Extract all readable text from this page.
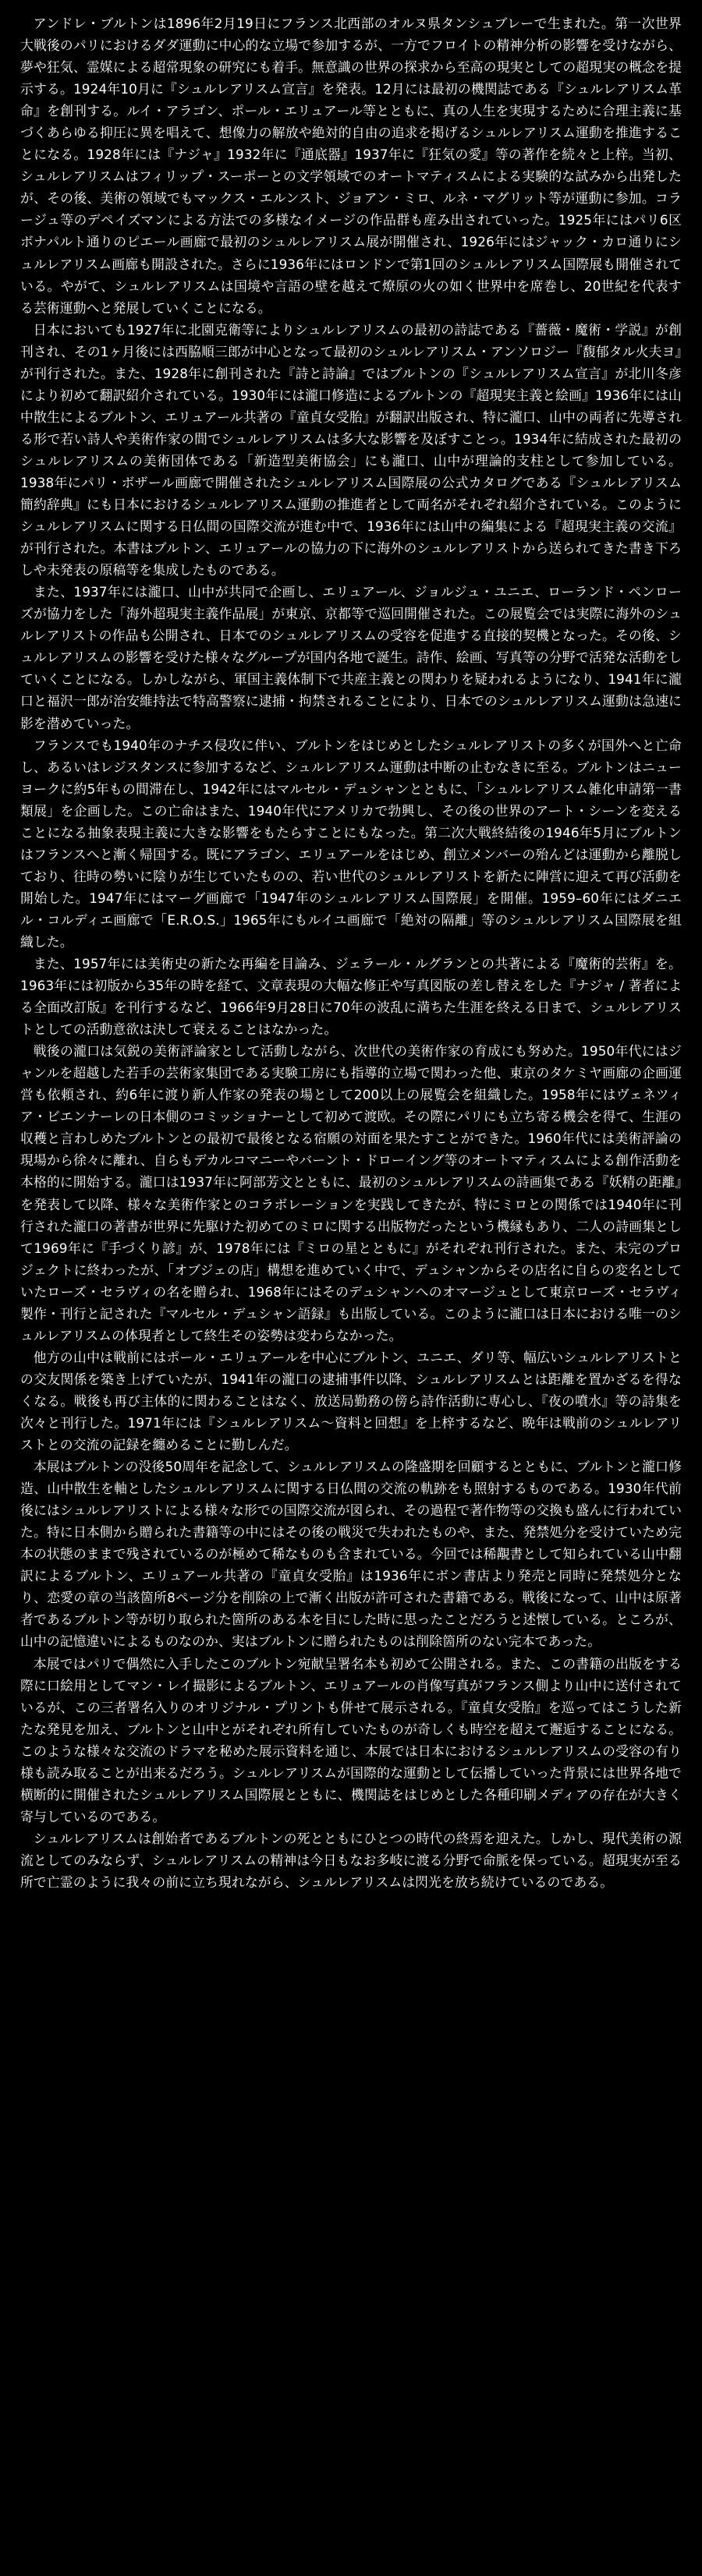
アンドレ・ブルトンは1896年2月19日にフランス北西部のオルヌ県タンシュブレーで生まれた。第一次世界大戦後のパリにおけるダダ運動に中心的な立場で参加するが、一方でフロイトの精神分析の影響を受けながら、夢や狂気、霊媒による超常現象の研究にも着手。無意識の世界の探求から至高の現実としての超現実の概念を提示する。1924年10月に『シュルレアリスム宣言』を発表。12月には最初の機関誌である『シュルレアリスム革命』を創刊する。ルイ・アラゴン、ポール・エリュアール等とともに、真の人生を実現するために合理主義に基づくあらゆる抑圧に異を唱えて、想像力の解放や絶対的自由の追求を掲げるシュルレアリスム運動を推進することになる。1928年には『ナジャ』1932年に『通底器』1937年に『狂気の愛』等の著作を続々と上梓。当初、シュルレアリスムはフィリップ・スーポーとの文学領域でのオートマティスムによる実験的な試みから出発したが、その後、美術の領域でもマックス・エルンスト、ジョアン・ミロ、ルネ・マグリット等が運動に参加。コラージュ等のデペイズマンによる方法での多様なイメージの作品群も産み出されていった。1925年にはパリ6区ボナパルト通りのピエール画廊で最初のシュルレアリスム展が開催され、1926年にはジャック・カロ通りにシュルレアリスム画廊も開設された。さらに1936年にはロンドンで第1回のシュルレアリスム国際展も開催されている。やがて、シュルレアリスムは国境や言語の壁を越えて燎原の火の如く世界中を席巻し、20世紀を代表する芸術運動へと発展していくことになる。

日本においても1927年に北園克衛等によりシュルレアリスムの最初の詩誌である『薔薇・魔術・学説』が創刊され、その1ヶ月後には西脇順三郎が中心となって最初のシュルレアリスム・アンソロジー『馥郁タル火夫ヨ』が刊行された。また、1928年に創刊された『詩と詩論』ではブルトンの『シュルレアリスム宣言』が北川冬彦により初めて翻訳紹介されている。1930年には瀧口修造によるブルトンの『超現実主義と絵画』1936年には山中散生によるブルトン、エリュアール共著の『童貞女受胎』が翻訳出版され、特に瀧口、山中の両者に先導される形で若い詩人や美術作家の間でシュルレアリスムは多大な影響を及ぼすことっ。1934年に結成された最初のシュルレアリスムの美術団体である「新造型美術協会」にも瀧口、山中が理論的支柱として参加している。1938年にパリ・ボザール画廊で開催されたシュルレアリスム国際展の公式カタログである『シュルレアリスム簡約辞典』にも日本におけるシュルレアリスム運動の推進者として両名がそれぞれ紹介されている。このようにシュルレアリスムに関する日仏間の国際交流が進む中で、1936年には山中の編集による『超現実主義の交流』が刊行された。本書はブルトン、エリュアールの協力の下に海外のシュルレアリストから送られてきた書き下ろしや未発表の原稿等を集成したものである。

また、1937年には瀧口、山中が共同で企画し、エリュアール、ジョルジュ・ユニエ、ローランド・ペンローズが協力をした「海外超現実主義作品展」が東京、京都等で巡回開催された。この展覧会では実際に海外のシュルレアリストの作品も公開され、日本でのシュルレアリスムの受容を促進する直接的契機となった。その後、シュルレアリスムの影響を受けた様々なグループが国内各地で誕生。詩作、絵画、写真等の分野で活発な活動をしていくことになる。しかしながら、軍国主義体制下で共産主義との関わりを疑われるようになり、1941年に瀧口と福沢一郎が治安維持法で特高警察に逮捕・拘禁されることにより、日本でのシュルレアリスム運動は急速に影を潜めていった。

フランスでも1940年のナチス侵攻に伴い、ブルトンをはじめとしたシュルレアリストの多くが国外へと亡命し、あるいはレジスタンスに参加するなど、シュルレアリスム運動は中断の止むなきに至る。ブルトンはニューヨークに約5年もの間滞在し、1942年にはマルセル・デュシャンとともに、「シュルレアリスム雑化申請第一書類展」を企画した。この亡命はまた、1940年代にアメリカで勃興し、その後の世界のアート・シーンを変えることになる抽象表現主義に大きな影響をもたらすことにもなった。第二次大戦終結後の1946年5月にブルトンはフランスへと漸く帰国する。既にアラゴン、エリュアールをはじめ、創立メンバーの殆んどは運動から離脱しており、往時の勢いに陰りが生じていたものの、若い世代のシュルレアリストを新たに陣営に迎えて再び活動を開始した。1947年にはマーグ画廊で「1947年のシュルレアリスム国際展」を開催。1959–60年にはダニエル・コルディエ画廊で「E.R.O.S.」1965年にもルイユ画廊で「絶対の隔離」等のシュルレアリスム国際展を組織した。

また、1957年には美術史の新たな再編を目論み、ジェラール・ルグランとの共著による『魔術的芸術』を。1963年には初版から35年の時を経て、文章表現の大幅な修正や写真図版の差し替えをした『ナジャ / 著者による全面改訂版』を刊行するなど、1966年9月28日に70年の波乱に満ちた生涯を終える日まで、シュルレアリストとしての活動意欲は決して衰えることはなかった。

戦後の瀧口は気鋭の美術評論家として活動しながら、次世代の美術作家の育成にも努めた。1950年代にはジャンルを超越した若手の芸術家集団である実験工房にも指導的立場で関わった他、東京のタケミヤ画廊の企画運営も依頼され、約6年に渡り新人作家の発表の場として200以上の展覧会を組織した。1958年にはヴェネツィア・ビエンナーレの日本側のコミッショナーとして初めて渡欧。その際にパリにも立ち寄る機会を得て、生涯の収穫と言わしめたブルトンとの最初で最後となる宿願の対面を果たすことができた。1960年代には美術評論の現場から徐々に離れ、自らもデカルコマニーやバーント・ドローイング等のオートマティスムによる創作活動を本格的に開始する。瀧口は1937年に阿部芳文とともに、最初のシュルレアリスムの詩画集である『妖精の距離』を発表して以降、様々な美術作家とのコラボレーションを実践してきたが、特にミロとの関係では1940年に刊行された瀧口の著書が世界に先駆けた初めてのミロに関する出版物だったという機縁もあり、二人の詩画集として1969年に『手づくり諺』が、1978年には『ミロの星とともに』がそれぞれ刊行された。また、未完のプロジェクトに終わったが、「オブジェの店」構想を進めていく中で、デュシャンからその店名に自らの変名としていたローズ・セラヴィの名を贈られ、1968年にはそのデュシャンへのオマージュとして東京ローズ・セラヴィ製作・刊行と記された『マルセル・デュシャン語録』も出版している。このように瀧口は日本における唯一のシュルレアリスムの体現者として終生その姿勢は変わらなかった。

他方の山中は戦前にはポール・エリュアールを中心にブルトン、ユニエ、ダリ等、幅広いシュルレアリストとの交友関係を築き上げていたが、1941年の瀧口の逮捕事件以降、シュルレアリスムとは距離を置かざるを得なくなる。戦後も再び主体的に関わることはなく、放送局勤務の傍ら詩作活動に専心し、『夜の噴水』等の詩集を次々と刊行した。1971年には『シュルレアリスム〜資料と回想』を上梓するなど、晩年は戦前のシュルレアリストとの交流の記録を纏めることに勤しんだ。

本展はブルトンの没後50周年を記念して、シュルレアリスムの隆盛期を回顧するとともに、ブルトンと瀧口修造、山中散生を軸としたシュルレアリスムに関する日仏間の交流の軌跡をも照射するものである。1930年代前後にはシュルレアリストによる様々な形での国際交流が図られ、その過程で著作物等の交換も盛んに行われていた。特に日本側から贈られた書籍等の中にはその後の戦災で失われたものや、また、発禁処分を受けていため完本の状態のままで残されているのが極めて稀なものも含まれている。今回では稀覯書として知られている山中翻訳によるブルトン、エリュアール共著の『童貞女受胎』は1936年にボン書店より発売と同時に発禁処分となり、恋愛の章の当該箇所8ページ分を削除の上で漸く出版が許可された書籍である。戦後になって、山中は原著者であるブルトン等が切り取られた箇所のある本を目にした時に思ったことだろうと述懐している。ところが、山中の記憶違いによるものなのか、実はブルトンに贈られたものは削除箇所のない完本であった。

本展ではパリで偶然に入手したこのブルトン宛献呈署名本も初めて公開される。また、この書籍の出版をする際に口絵用としてマン・レイ撮影によるブルトン、エリュアールの肖像写真がフランス側より山中に送付されているが、この三者署名入りのオリジナル・プリントも併せて展示される。『童貞女受胎』を巡ってはこうした新たな発見を加え、ブルトンと山中とがそれぞれ所有していたものが奇しくも時空を超えて邂逅することになる。このような様々な交流のドラマを秘めた展示資料を通じ、本展では日本におけるシュルレアリスムの受容の有り様も読み取ることが出来るだろう。シュルレアリスムが国際的な運動として伝播していった背景には世界各地で横断的に開催されたシュルレアリスム国際展とともに、機関誌をはじめとした各種印刷メディアの存在が大きく寄与しているのである。

シュルレアリスムは創始者であるブルトンの死とともにひとつの時代の終焉を迎えた。しかし、現代美術の源流としてのみならず、シュルレアリスムの精神は今日もなお多岐に渡る分野で命脈を保っている。超現実が至る所で亡霊のように我々の前に立ち現れながら、シュルレアリスムは閃光を放ち続けているのである。
